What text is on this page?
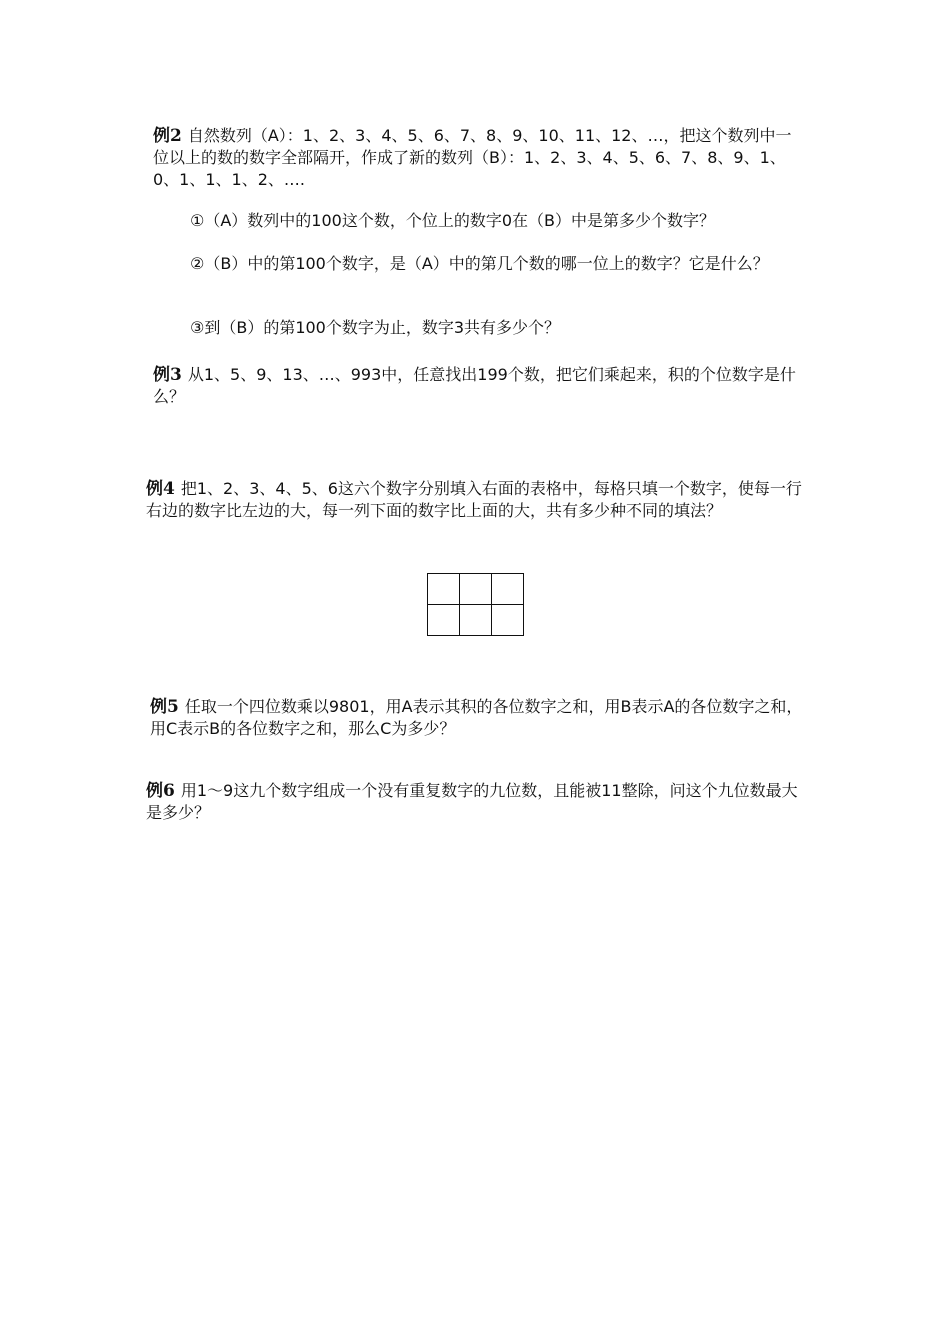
例2 自然数列（A）：1、2、3、4、5、6、7、8、9、10、11、12、…，把这个数列中一位以上的数的数字全部隔开，作成了新的数列（B）：1、2、3、4、5、6、7、8、9、1、0、1、1、1、2、….

①（A）数列中的100这个数，个位上的数字0在（B）中是第多少个数字？

②（B）中的第100个数字，是（A）中的第几个数的哪一位上的数字？它是什么？

③到（B）的第100个数字为止，数字3共有多少个？

例3 从1、5、9、13、…、993中，任意找出199个数，把它们乘起来，积的个位数字是什么？

例4 把1、2、3、4、5、6这六个数字分别填入右面的表格中，每格只填一个数字，使每一行右边的数字比左边的大，每一列下面的数字比上面的大，共有多少种不同的填法？

例5 任取一个四位数乘以9801，用A表示其积的各位数字之和，用B表示A的各位数字之和，用C表示B的各位数字之和，那么C为多少？

例6 用1～9这九个数字组成一个没有重复数字的九位数，且能被11整除，问这个九位数最大是多少？
